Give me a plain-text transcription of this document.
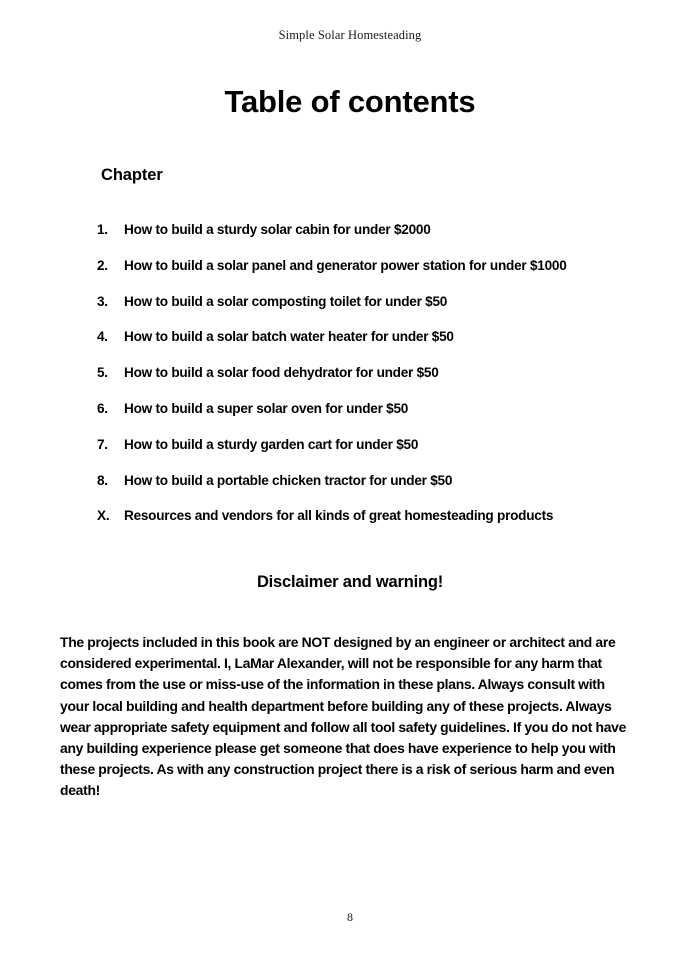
Simple Solar Homesteading
Table of contents
Chapter
1.	How to build a sturdy solar cabin for under $2000
2.	How to build a solar panel and generator power station for under $1000
3.	How to build a solar composting toilet for under $50
4.	How to build a solar batch water heater for under $50
5.	How to build a solar food dehydrator for under $50
6.	How to build a super solar oven for under $50
7.	How to build a sturdy garden cart for under $50
8.	How to build a portable chicken tractor for under $50
X.	Resources and vendors for all kinds of great homesteading products
Disclaimer and warning!

The projects included in this book are NOT designed by an engineer or architect and are considered experimental. I, LaMar Alexander, will not be responsible for any harm that comes from the use or miss-use of the information in these plans. Always consult with your local building and health department before building any of these projects. Always wear appropriate safety equipment and follow all tool safety guidelines. If you do not have any building experience please get someone that does have experience to help you with these projects. As with any construction project there is a risk of serious harm and even death!

8
